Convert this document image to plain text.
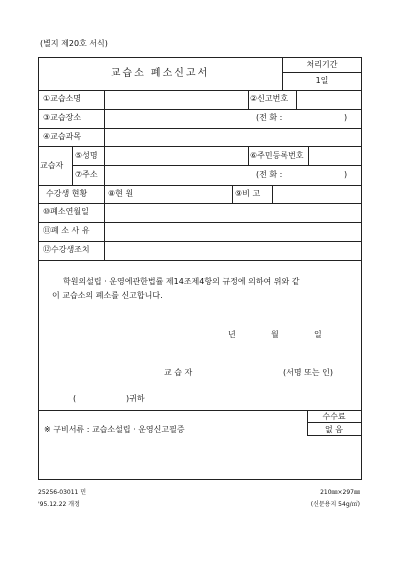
(별지 제20호 서식)
교습소 폐소신고서
처리기간
1일
①교습소명	②신고번호
③교습장소	(전 화 :	)
④교습과목
교습자
⑤성명	⑥주민등록번호
⑦주소	(전 화 :	)
수강생 현황	⑧현 원	⑨비 고
⑩폐소연월일
⑪폐 소 사 유
⑫수강생조치
학원의설립 · 운영에관한법률 제14조제4항의 규정에 의하여 위와 같
이 교습소의 폐소를 신고합니다.
년	월	일
교 습 자	(서명 또는 인)
(	)귀하
※ 구비서류 : 교습소설립 · 운영신고필증
수수료
없 음
25256-03011 민
'95.12.22 개정
210㎜×297㎜
(신문용지 54g/㎡)
